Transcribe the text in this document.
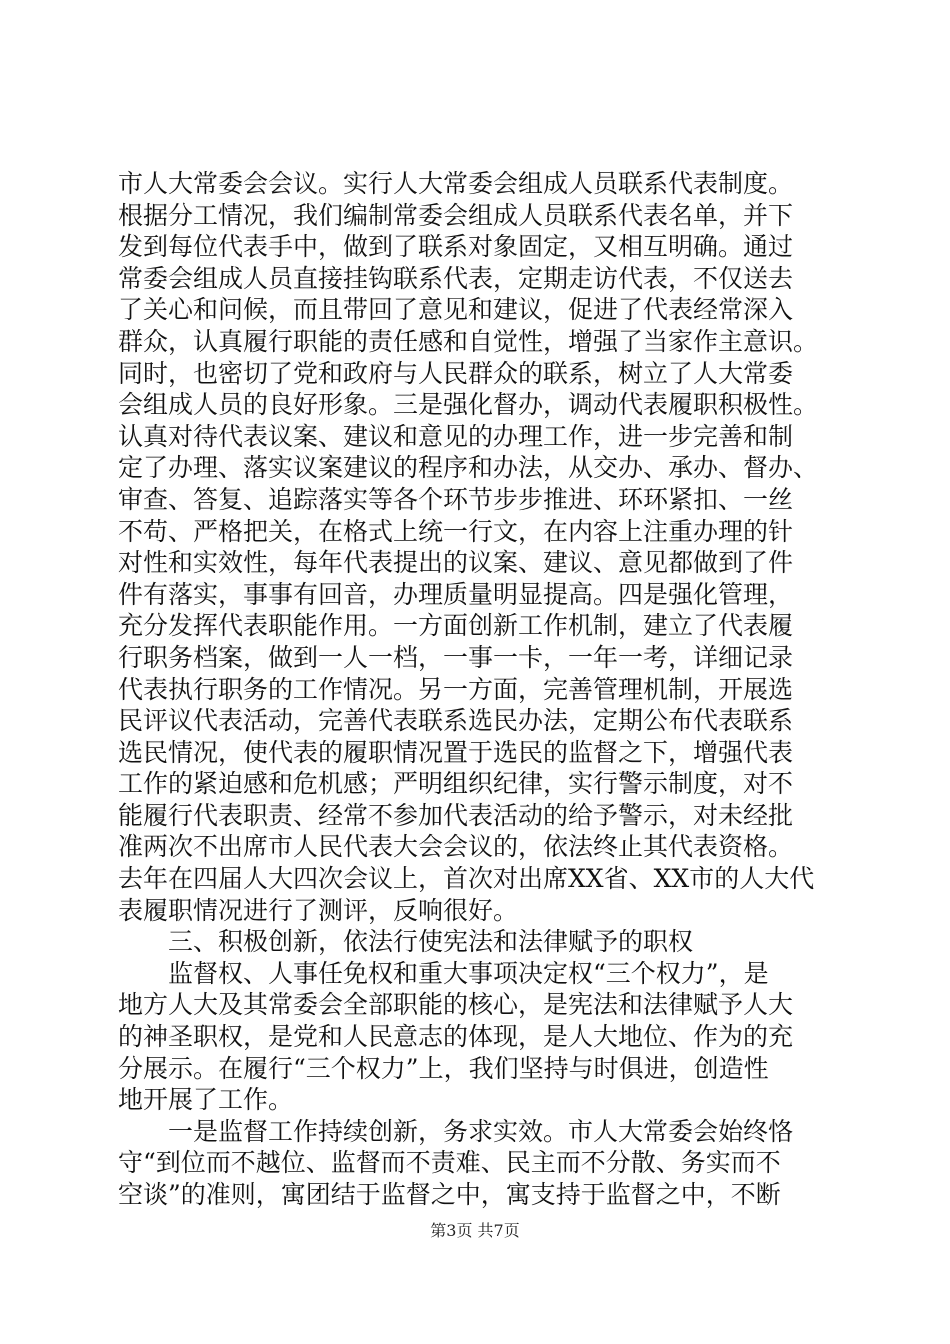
市人大常委会会议。实行人大常委会组成人员联系代表制度。
根据分工情况，我们编制常委会组成人员联系代表名单，并下
发到每位代表手中，做到了联系对象固定，又相互明确。通过
常委会组成人员直接挂钩联系代表，定期走访代表，不仅送去
了关心和问候，而且带回了意见和建议，促进了代表经常深入
群众，认真履行职能的责任感和自觉性，增强了当家作主意识。
同时，也密切了党和政府与人民群众的联系，树立了人大常委
会组成人员的良好形象。三是强化督办，调动代表履职积极性。
认真对待代表议案、建议和意见的办理工作，进一步完善和制
定了办理、落实议案建议的程序和办法，从交办、承办、督办、
审查、答复、追踪落实等各个环节步步推进、环环紧扣、一丝
不苟、严格把关，在格式上统一行文，在内容上注重办理的针
对性和实效性，每年代表提出的议案、建议、意见都做到了件
件有落实，事事有回音，办理质量明显提高。四是强化管理，
充分发挥代表职能作用。一方面创新工作机制，建立了代表履
行职务档案，做到一人一档，一事一卡，一年一考，详细记录
代表执行职务的工作情况。另一方面，完善管理机制，开展选
民评议代表活动，完善代表联系选民办法，定期公布代表联系
选民情况，使代表的履职情况置于选民的监督之下，增强代表
工作的紧迫感和危机感；严明组织纪律，实行警示制度，对不
能履行代表职责、经常不参加代表活动的给予警示，对未经批
准两次不出席市人民代表大会会议的，依法终止其代表资格。
去年在四届人大四次会议上，首次对出席XX省、XX市的人大代
表履职情况进行了测评，反响很好。
　　三、积极创新，依法行使宪法和法律赋予的职权
　　监督权、人事任免权和重大事项决定权“三个权力”，是
地方人大及其常委会全部职能的核心，是宪法和法律赋予人大
的神圣职权，是党和人民意志的体现，是人大地位、作为的充
分展示。在履行“三个权力”上，我们坚持与时俱进，创造性
地开展了工作。
　　一是监督工作持续创新，务求实效。市人大常委会始终恪
守“到位而不越位、监督而不责难、民主而不分散、务实而不
空谈”的准则，寓团结于监督之中，寓支持于监督之中，不断
第3页 共7页
